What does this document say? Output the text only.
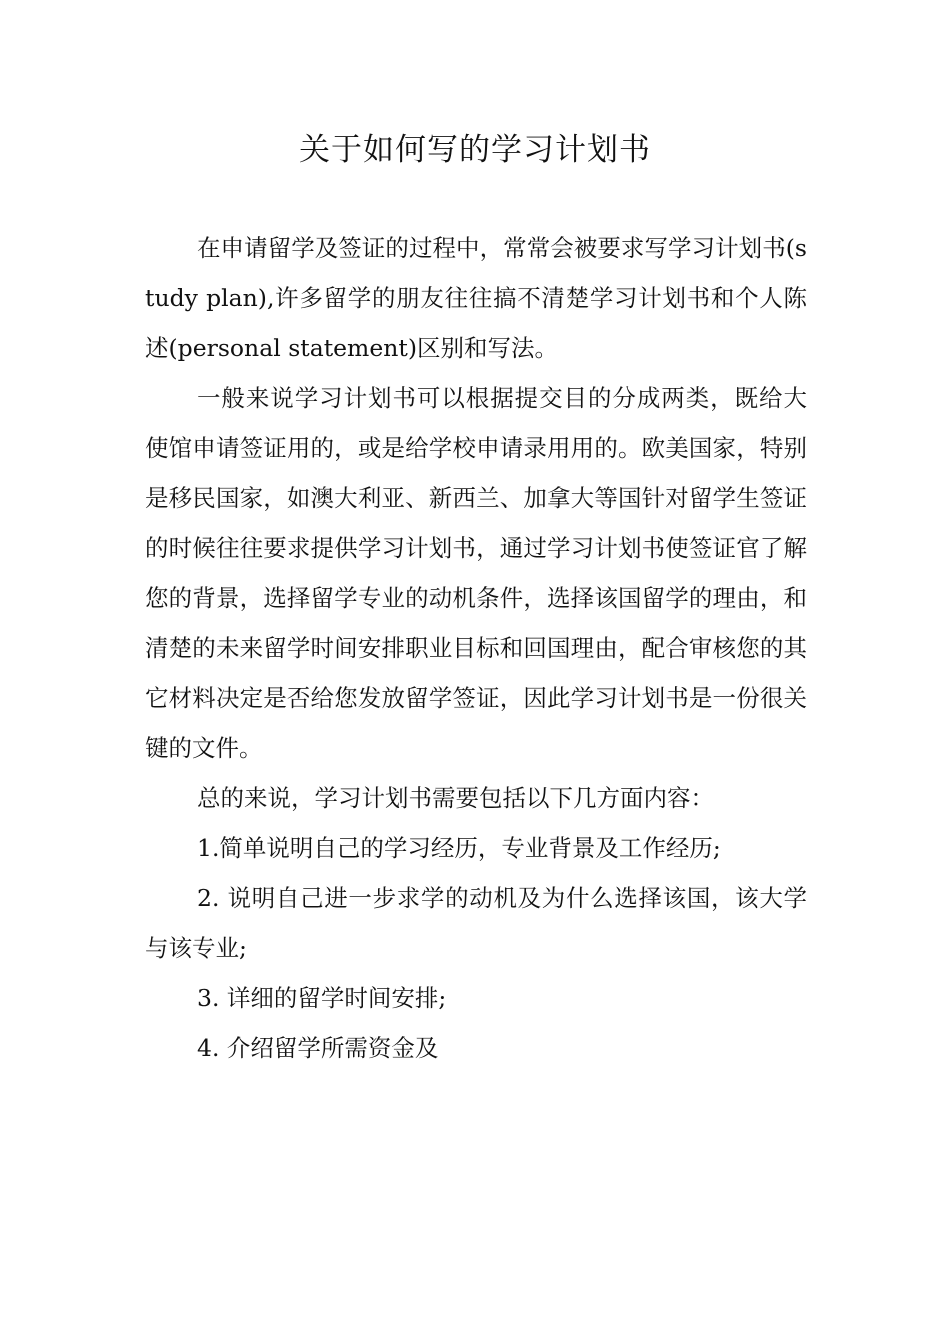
关于如何写的学习计划书

在申请留学及签证的过程中，常常会被要求写学习计划书(study plan),许多留学的朋友往往搞不清楚学习计划书和个人陈述(personal statement)区别和写法。

一般来说学习计划书可以根据提交目的分成两类，既给大使馆申请签证用的，或是给学校申请录用用的。欧美国家，特别是移民国家，如澳大利亚、新西兰、加拿大等国针对留学生签证的时候往往要求提供学习计划书，通过学习计划书使签证官了解您的背景，选择留学专业的动机条件，选择该国留学的理由，和清楚的未来留学时间安排职业目标和回国理由，配合审核您的其它材料决定是否给您发放留学签证，因此学习计划书是一份很关键的文件。

总的来说，学习计划书需要包括以下几方面内容：

1.简单说明自己的学习经历，专业背景及工作经历;

2. 说明自己进一步求学的动机及为什么选择该国，该大学与该专业;

3. 详细的留学时间安排;

4. 介绍留学所需资金及
